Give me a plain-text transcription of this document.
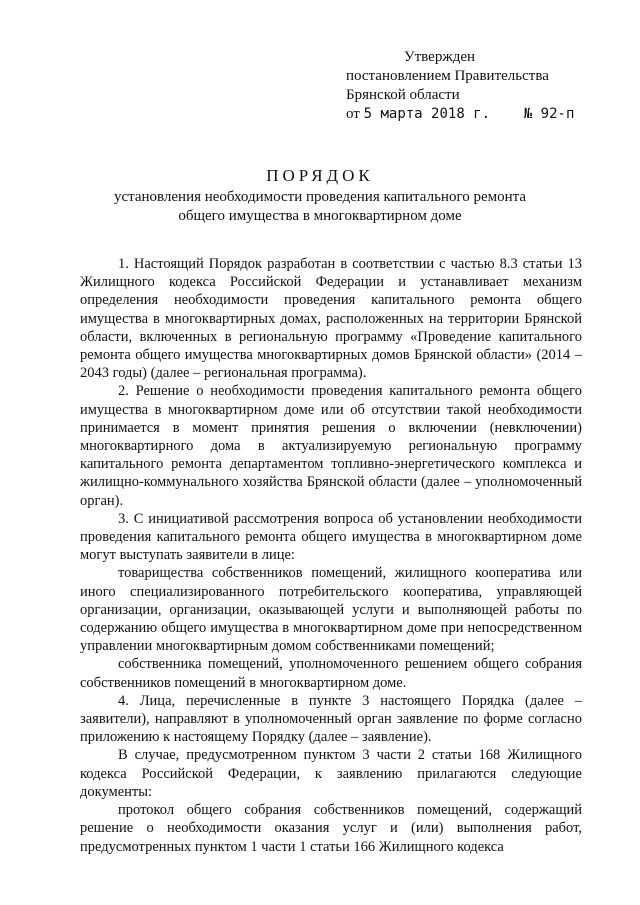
Утвержден
постановлением Правительства
Брянской области
от 5 марта 2018 г. № 92-п
ПОРЯДОК
установления необходимости проведения капитального ремонта
общего имущества в многоквартирном доме

1. Настоящий Порядок разработан в соответствии с частью 8.3 статьи 13 Жилищного кодекса Российской Федерации и устанавливает механизм определения необходимости проведения капитального ремонта общего имущества в многоквартирных домах, расположенных на территории Брянской области, включенных в региональную программу «Проведение капитального ремонта общего имущества многоквартирных домов Брянской области» (2014 – 2043 годы) (далее – региональная программа).

2. Решение о необходимости проведения капитального ремонта общего имущества в многоквартирном доме или об отсутствии такой необходимости принимается в момент принятия решения о включении (невключении) многоквартирного дома в актуализируемую региональную программу капитального ремонта департаментом топливно-энергетического комплекса и жилищно-коммунального хозяйства Брянской области (далее – уполномоченный орган).

3. С инициативой рассмотрения вопроса об установлении необходимости проведения капитального ремонта общего имущества в многоквартирном доме могут выступать заявители в лице:

товарищества собственников помещений, жилищного кооператива или иного специализированного потребительского кооператива, управляющей организации, организации, оказывающей услуги и выполняющей работы по содержанию общего имущества в многоквартирном доме при непосредственном управлении многоквартирным домом собственниками помещений;

собственника помещений, уполномоченного решением общего собрания собственников помещений в многоквартирном доме.

4. Лица, перечисленные в пункте 3 настоящего Порядка (далее – заявители), направляют в уполномоченный орган заявление по форме согласно приложению к настоящему Порядку (далее – заявление).

В случае, предусмотренном пунктом 3 части 2 статьи 168 Жилищного кодекса Российской Федерации, к заявлению прилагаются следующие документы:

протокол общего собрания собственников помещений, содержащий решение о необходимости оказания услуг и (или) выполнения работ, предусмотренных пунктом 1 части 1 статьи 166 Жилищного кодекса
